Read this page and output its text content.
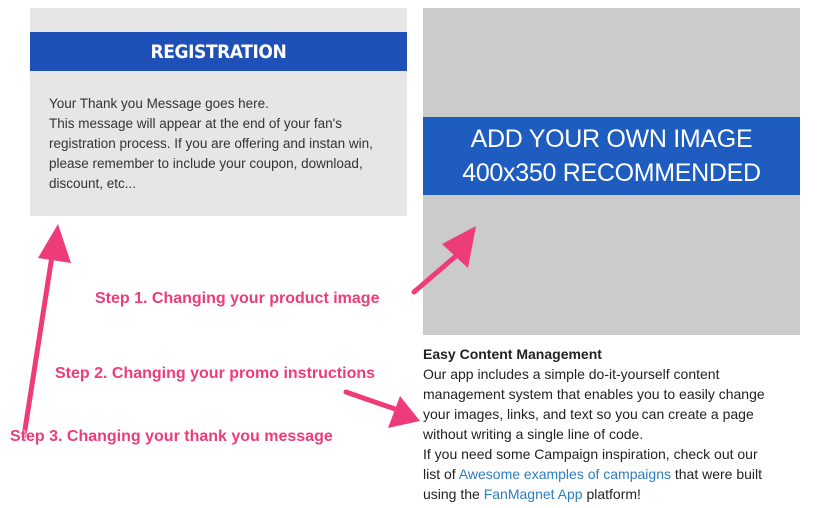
REGISTRATION
Your Thank you Message goes here.
This message will appear at the end of your fan's
registration process. If you are offering and instan win,
please remember to include your coupon, download,
discount, etc...
ADD YOUR OWN IMAGE
400x350 RECOMMENDED
Easy Content Management
Our app includes a simple do-it-yourself content
management system that enables you to easily change
your images, links, and text so you can create a page
without writing a single line of code.
If you need some Campaign inspiration, check out our
list of Awesome examples of campaigns that were built
using the FanMagnet App platform!
Step 1. Changing your product image
Step 2. Changing your promo instructions
Step 3. Changing your thank you message
